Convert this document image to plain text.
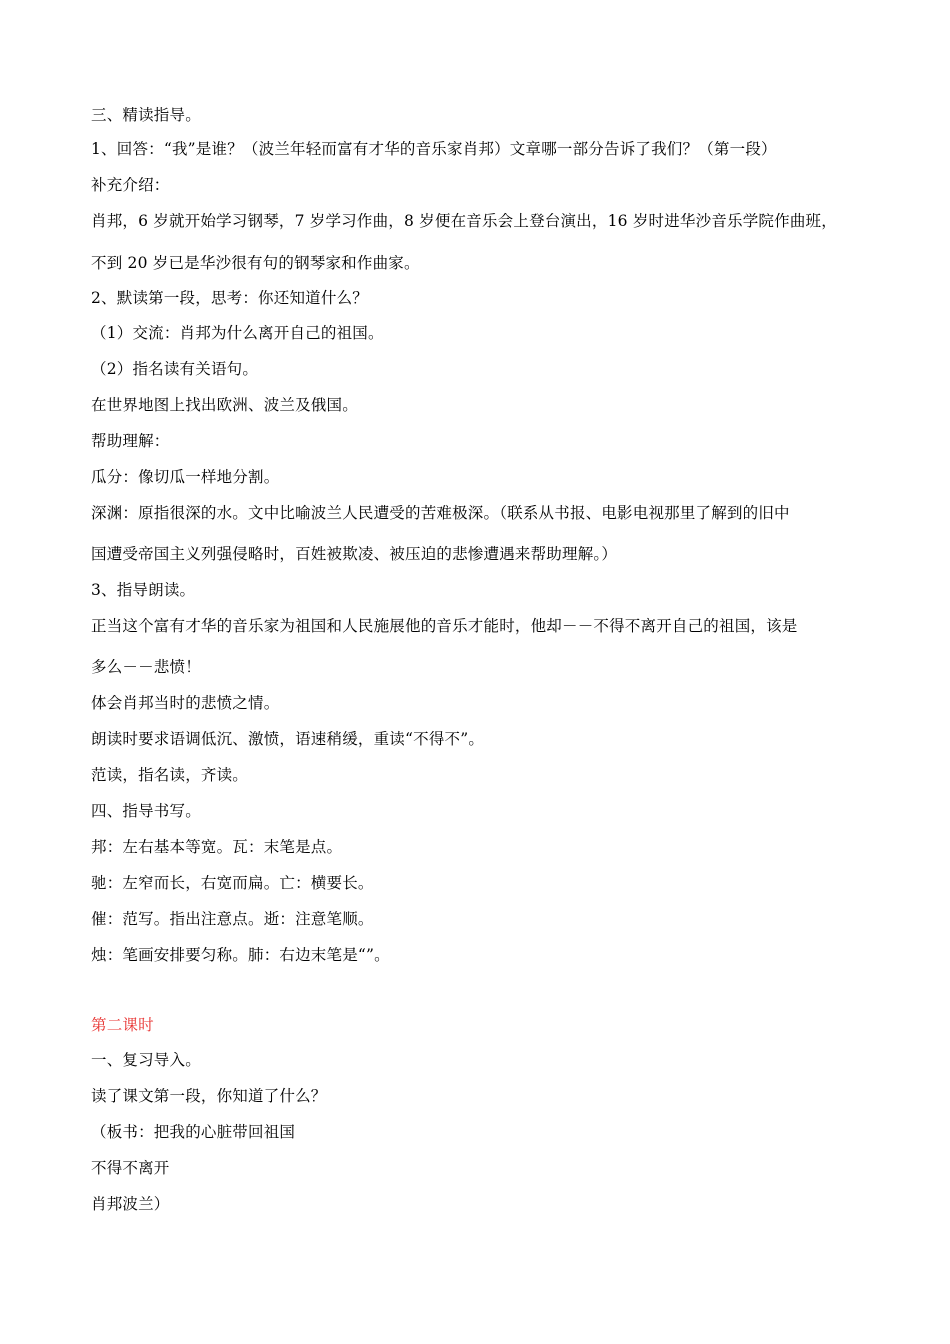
三、精读指导。
1、回答：“我”是谁？（波兰年轻而富有才华的音乐家肖邦）文章哪一部分告诉了我们？（第一段）
补充介绍：
肖邦，6 岁就开始学习钢琴，7 岁学习作曲，8 岁便在音乐会上登台演出，16 岁时进华沙音乐学院作曲班，
不到 20 岁已是华沙很有句的钢琴家和作曲家。
2、默读第一段，思考：你还知道什么？
（1）交流：肖邦为什么离开自己的祖国。
（2）指名读有关语句。
在世界地图上找出欧洲、波兰及俄国。
帮助理解：
瓜分：像切瓜一样地分割。
深渊：原指很深的水。文中比喻波兰人民遭受的苦难极深。（联系从书报、电影电视那里了解到的旧中
国遭受帝国主义列强侵略时，百姓被欺凌、被压迫的悲惨遭遇来帮助理解。）
3、指导朗读。
正当这个富有才华的音乐家为祖国和人民施展他的音乐才能时，他却－－不得不离开自己的祖国，该是
多么－－悲愤！
体会肖邦当时的悲愤之情。
朗读时要求语调低沉、激愤，语速稍缓，重读“不得不”。
范读，指名读，齐读。
四、指导书写。
邦：左右基本等宽。瓦：末笔是点。
驰：左窄而长，右宽而扁。亡：横要长。
催：范写。指出注意点。逝：注意笔顺。
烛：笔画安排要匀称。肺：右边末笔是“”。
第二课时
一、复习导入。
读了课文第一段，你知道了什么？
（板书：把我的心脏带回祖国
不得不离开
肖邦波兰）
